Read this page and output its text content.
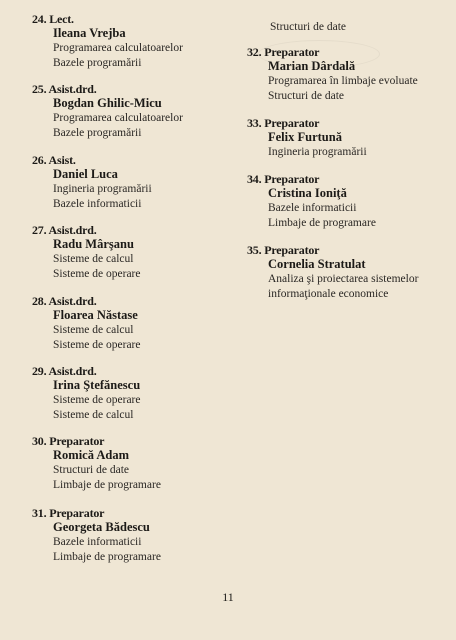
24. Lect.
Ileana Vrejba
Programarea calculatoarelor
Bazele programării
25. Asist.drd.
Bogdan Ghilic-Micu
Programarea calculatoarelor
Bazele programării
26. Asist.
Daniel Luca
Ingineria programării
Bazele informaticii
27. Asist.drd.
Radu Mârşanu
Sisteme de calcul
Sisteme de operare
28. Asist.drd.
Floarea Năstase
Sisteme de calcul
Sisteme de operare
29. Asist.drd.
Irina Ştefănescu
Sisteme de operare
Sisteme de calcul
30. Preparator
Romică Adam
Structuri de date
Limbaje de programare
31. Preparator
Georgeta Bădescu
Bazele informaticii
Limbaje de programare
Structuri de date
32. Preparator
Marian Dârdală
Programarea în limbaje evoluate
Structuri de date
33. Preparator
Felix Furtună
Ingineria programării
34. Preparator
Cristina Ioniţă
Bazele informaticii
Limbaje de programare
35. Preparator
Cornelia Stratulat
Analiza şi proiectarea sistemelor
informaţionale economice
11
